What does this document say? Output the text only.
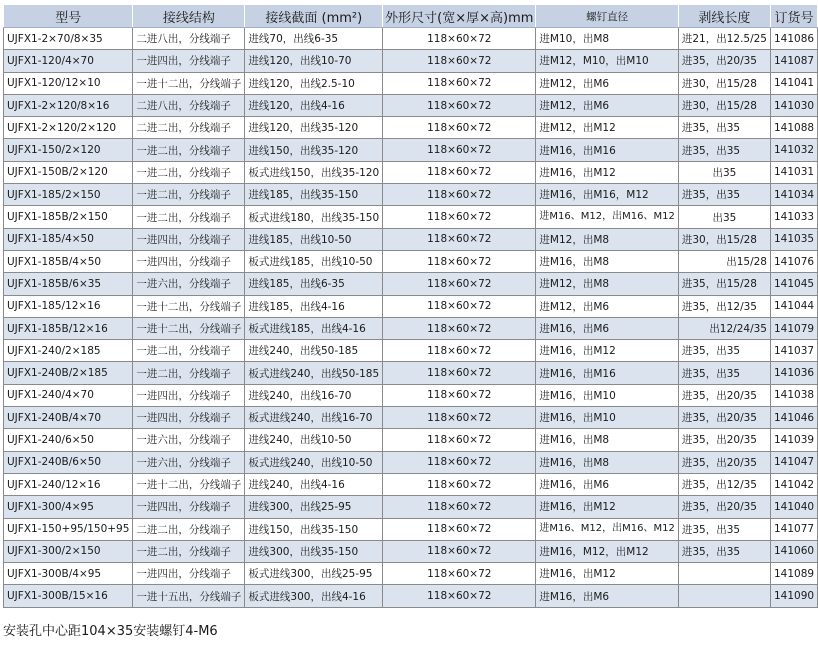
型号	接线结构	接线截面 (mm²)	外形尺寸(宽×厚×高)mm	螺钉直径	剥线长度	订货号
UJFX1-2×70/8×35	二进八出，分线端子	进线70，出线6-35	118×60×72	进M10，出M8	进21，出12.5/25	141086
UJFX1-120/4×70	一进四出，分线端子	进线120，出线10-70	118×60×72	进M12，M10，出M10	进35，出20/35	141087
UJFX1-120/12×10	一进十二出，分线端子	进线120，出线2.5-10	118×60×72	进M12，出M6	进30，出15/28	141041
UJFX1-2×120/8×16	二进八出，分线端子	进线120，出线4-16	118×60×72	进M12，出M6	进30，出15/28	141030
UJFX1-2×120/2×120	二进二出，分线端子	进线120，出线35-120	118×60×72	进M12，出M12	进35，出35	141088
UJFX1-150/2×120	一进二出，分线端子	进线150，出线35-120	118×60×72	进M16，出M16	进35，出35	141032
UJFX1-150B/2×120	一进二出，分线端子	板式进线150，出线35-120	118×60×72	进M16，出M12	出35	141031
UJFX1-185/2×150	一进二出，分线端子	进线185，出线35-150	118×60×72	进M16，出M16，M12	进35，出35	141034
UJFX1-185B/2×150	一进二出，分线端子	板式进线180，出线35-150	118×60×72	进M16、M12，出M16、M12	出35	141033
UJFX1-185/4×50	一进四出，分线端子	进线185，出线10-50	118×60×72	进M12，出M8	进30，出15/28	141035
UJFX1-185B/4×50	一进四出，分线端子	板式进线185，出线10-50	118×60×72	进M16，出M8	出15/28	141076
UJFX1-185B/6×35	一进六出，分线端子	进线185，出线6-35	118×60×72	进M12，出M8	进35，出15/28	141045
UJFX1-185/12×16	一进十二出，分线端子	进线185，出线4-16	118×60×72	进M12，出M6	进35，出12/35	141044
UJFX1-185B/12×16	一进十二出，分线端子	板式进线185，出线4-16	118×60×72	进M16，出M6	出12/24/35	141079
UJFX1-240/2×185	一进二出，分线端子	进线240，出线50-185	118×60×72	进M16，出M12	进35，出35	141037
UJFX1-240B/2×185	一进二出，分线端子	板式进线240，出线50-185	118×60×72	进M16，出M16	进35，出35	141036
UJFX1-240/4×70	一进四出，分线端子	进线240，出线16-70	118×60×72	进M16，出M10	进35，出20/35	141038
UJFX1-240B/4×70	一进四出，分线端子	板式进线240，出线16-70	118×60×72	进M16，出M10	进35，出20/35	141046
UJFX1-240/6×50	一进六出，分线端子	进线240，出线10-50	118×60×72	进M16，出M8	进35，出20/35	141039
UJFX1-240B/6×50	一进六出，分线端子	板式进线240，出线10-50	118×60×72	进M16，出M8	进35，出20/35	141047
UJFX1-240/12×16	一进十二出，分线端子	进线240，出线4-16	118×60×72	进M16，出M6	进35，出12/35	141042
UJFX1-300/4×95	一进四出，分线端子	进线300，出线25-95	118×60×72	进M16，出M12	进35，出20/35	141040
UJFX1-150+95/150+95	二进二出，分线端子	进线150，出线35-150	118×60×72	进M16、M12，出M16、M12	进35，出35	141077
UJFX1-300/2×150	一进二出，分线端子	进线300，出线35-150	118×60×72	进M16，M12，出M12	进35，出35	141060
UJFX1-300B/4×95	一进四出，分线端子	板式进线300，出线25-95	118×60×72	进M16，出M12		141089
UJFX1-300B/15×16	一进十五出，分线端子	板式进线300，出线4-16	118×60×72	进M16，出M6		141090
安装孔中心距104×35安装螺钉4-M6
